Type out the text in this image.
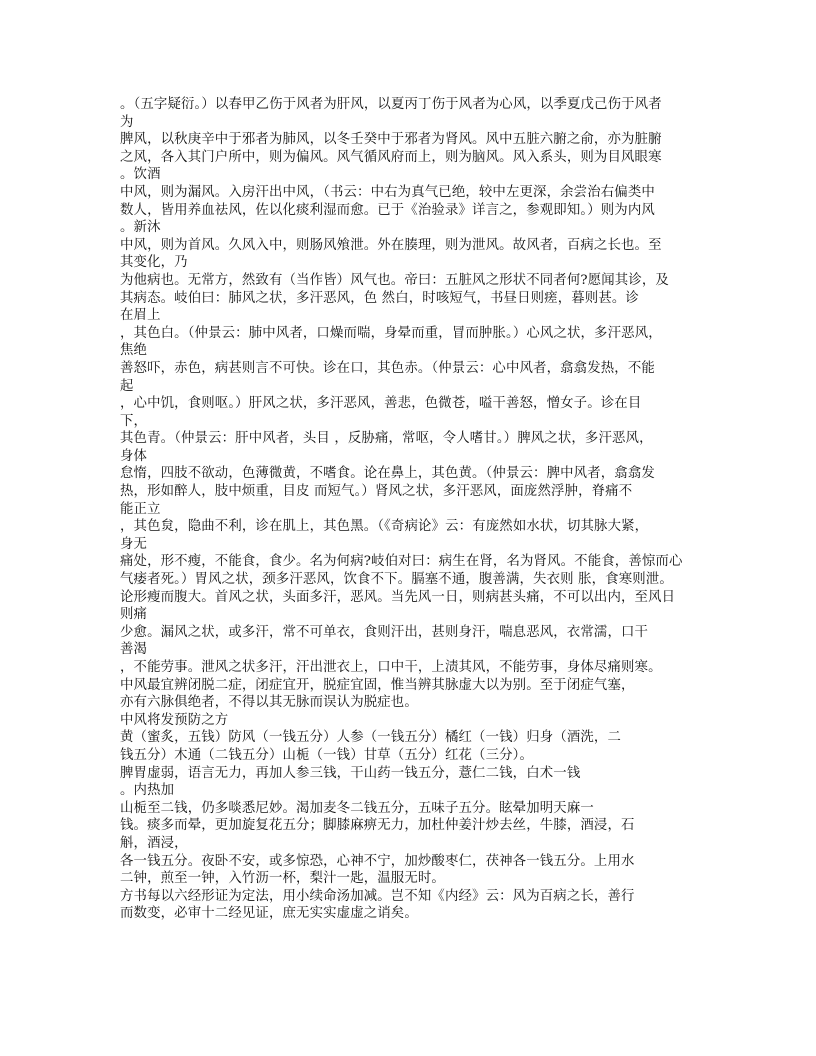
。（五字疑衍。）以春甲乙伤于风者为肝风，以夏丙丁伤于风者为心风，以季夏戊己伤于风者
为
脾风，以秋庚辛中于邪者为肺风，以冬壬癸中于邪者为肾风。风中五脏六腑之俞，亦为脏腑
之风，各入其门户所中，则为偏风。风气循风府而上，则为脑风。风入系头，则为目风眼寒
。饮酒
中风，则为漏风。入房汗出中风，（书云：中右为真气已绝，较中左更深，余尝治右偏类中
数人，皆用养血祛风，佐以化痰利湿而愈。已于《治验录》详言之，参观即知。）则为内风
。新沐
中风，则为首风。久风入中，则肠风飧泄。外在腠理，则为泄风。故风者，百病之长也。至
其变化，乃
为他病也。无常方，然致有（当作皆）风气也。帝曰：五脏风之形状不同者何?愿闻其诊，及
其病态。岐伯曰：肺风之状，多汗恶风，色 然白，时咳短气，书昼日则瘥，暮则甚。诊
在眉上
，其色白。（仲景云：肺中风者，口燥而喘，身晕而重，冒而肿胀。）心风之状，多汗恶风，
焦绝
善怒吓，赤色，病甚则言不可快。诊在口，其色赤。（仲景云：心中风者，翕翕发热，不能
起
，心中饥，食则呕。）肝风之状，多汗恶风，善悲，色微苍，嗌干善怒，憎女子。诊在目
下，
其色青。（仲景云：肝中风者，头目 ，反胁痛，常呕，令人嗜甘。）脾风之状，多汗恶风，
身体
怠惰，四肢不欲动，色薄微黄，不嗜食。论在鼻上，其色黄。（仲景云：脾中风者，翕翕发
热，形如醉人，肢中烦重，目皮 而短气。）肾风之状，多汗恶风，面庞然浮肿，脊痛不
能正立
，其色炱，隐曲不利，诊在肌上，其色黑。（《奇病论》云：有庞然如水状，切其脉大紧，
身无
痛处，形不瘦，不能食，食少。名为何病?岐伯对曰：病生在肾，名为肾风。不能食，善惊而心
气痿者死。）胃风之状，颈多汗恶风，饮食不下。膈塞不通，腹善满，失衣则 胀，食寒则泄。
论形瘦而腹大。首风之状，头面多汗，恶风。当先风一日，则病甚头痛，不可以出内，至风日
则痛
少愈。漏风之状，或多汗，常不可单衣，食则汗出，甚则身汗，喘息恶风，衣常濡，口干
善渴
，不能劳事。泄风之状多汗，汗出泄衣上，口中干，上渍其风，不能劳事，身体尽痛则寒。
中风最宜辨闭脱二症，闭症宜开，脱症宜固，惟当辨其脉虚大以为别。至于闭症气塞，
亦有六脉俱绝者，不得以其无脉而误认为脱症也。
中风将发预防之方
黄（蜜炙，五钱）防风（一钱五分）人参（一钱五分）橘红（一钱）归身（酒洗，二
钱五分）木通（二钱五分）山栀（一钱）甘草（五分）红花（三分）。
脾胃虚弱，语言无力，再加人参三钱，干山药一钱五分，薏仁二钱，白术一钱
。内热加
山栀至二钱，仍多啖悉尼妙。渴加麦冬二钱五分，五味子五分。眩晕加明天麻一
钱。痰多而晕，更加旋复花五分；脚膝麻痹无力，加杜仲姜汁炒去丝，牛膝，酒浸，石
斛，酒浸，
各一钱五分。夜卧不安，或多惊恐，心神不宁，加炒酸枣仁，茯神各一钱五分。上用水
二钟，煎至一钟，入竹沥一杯，梨汁一匙，温服无时。
方书每以六经形证为定法，用小续命汤加减。岂不知《内经》云：风为百病之长，善行
而数变，必审十二经见证，庶无实实虚虚之诮矣。
